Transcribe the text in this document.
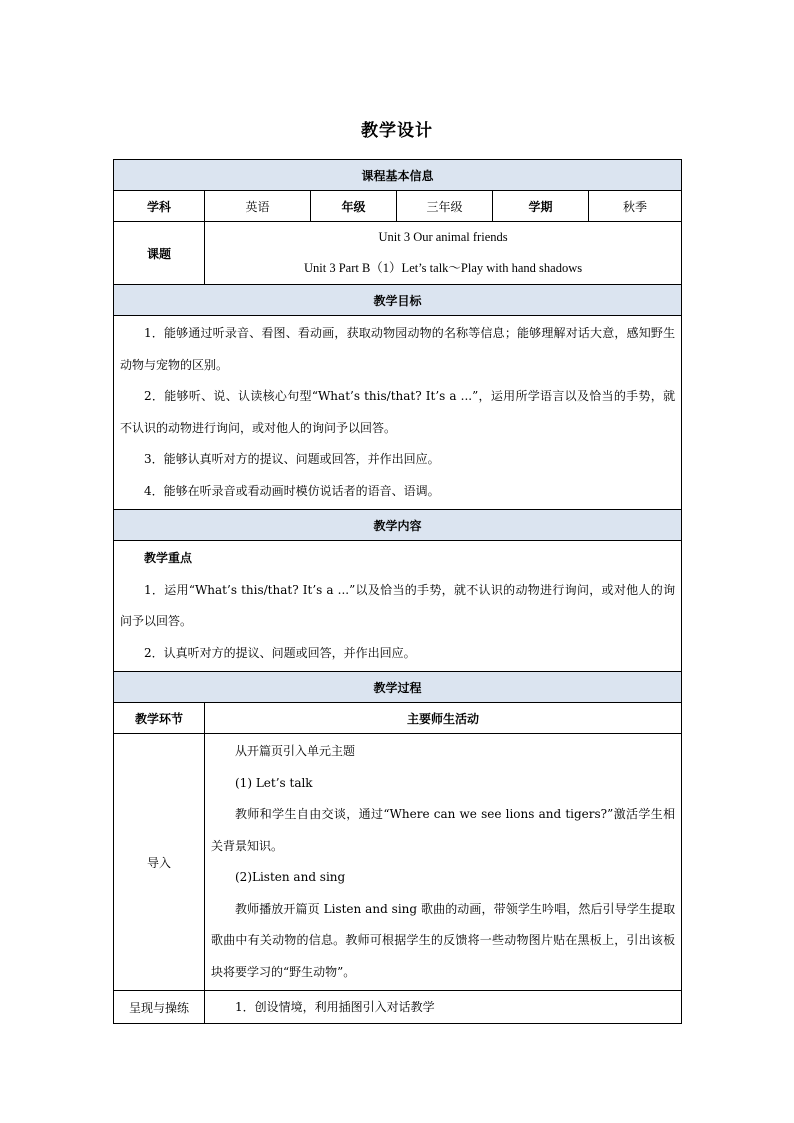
教学设计
课程基本信息					
学科	英语	年级	三年级	学期	秋季
课题	Unit 3 Our animal friends
Unit 3 Part B（1）Let’s talk～Play with hand shadows				

教学目标					

1．能够通过听录音、看图、看动画，获取动物园动物的名称等信息；能够理解对话大意，感知野生动物与宠物的区别。

2．能够听、说、认读核心句型“What’s this/that? It’s a ...”，运用所学语言以及恰当的手势，就不认识的动物进行询问，或对他人的询问予以回答。

3．能够认真听对方的提议、问题或回答，并作出回应。

4．能够在听录音或看动画时模仿说话者的语音、语调。					

教学内容					

教学重点

1．运用“What’s this/that? It’s a ...”以及恰当的手势，就不认识的动物进行询问，或对他人的询问予以回答。

2．认真听对方的提议、问题或回答，并作出回应。					

教学过程					
教学环节	主要师生活动				
导入	从开篇页引入单元主题

(1) Let’s talk

教师和学生自由交谈，通过“Where can we see lions and tigers?”激活学生相关背景知识。

(2)Listen and sing

教师播放开篇页 Listen and sing 歌曲的动画，带领学生吟唱，然后引导学生提取歌曲中有关动物的信息。教师可根据学生的反馈将一些动物图片贴在黑板上，引出该板块将要学习的“野生动物”。				

呈现与操练	1．创设情境，利用插图引入对话教学				
